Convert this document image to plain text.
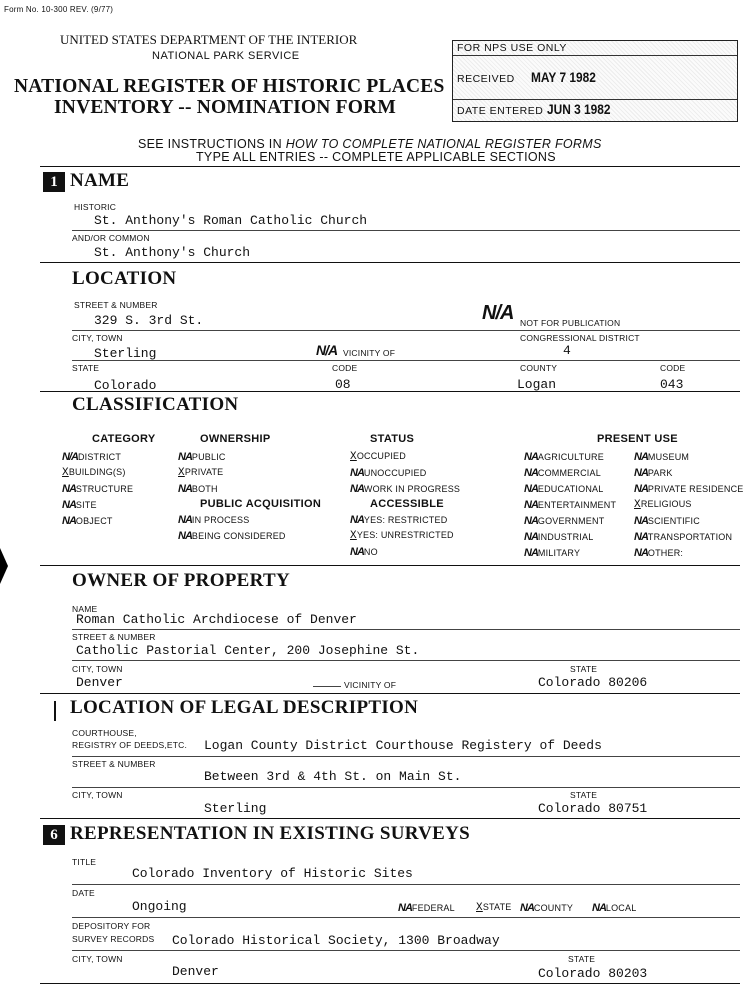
Form No. 10-300 REV. (9/77)
UNITED STATES DEPARTMENT OF THE INTERIOR
NATIONAL PARK SERVICE
NATIONAL REGISTER OF HISTORIC PLACES
INVENTORY -- NOMINATION FORM
FOR NPS USE ONLY
RECEIVED MAY 7 1982
DATE ENTERED JUN 3 1982
SEE INSTRUCTIONS IN HOW TO COMPLETE NATIONAL REGISTER FORMS
TYPE ALL ENTRIES -- COMPLETE APPLICABLE SECTIONS
1 NAME
HISTORIC
St. Anthony's Roman Catholic Church
AND/OR COMMON
St. Anthony's Church
LOCATION
STREET & NUMBER
329 S. 3rd St.	N/A NOT FOR PUBLICATION
CITY, TOWN
Sterling	N/A VICINITY OF
CONGRESSIONAL DISTRICT
4
STATE
Colorado
CODE
08
COUNTY
Logan
CODE
043
CLASSIFICATION
CATEGORY
N/ADISTRICT
XBUILDING(S)
NASTRUCTURE
NASITE
NAOBJECT
OWNERSHIP
NAPUBLIC
XPRIVATE
NABOTH
PUBLIC ACQUISITION
NAIN PROCESS
NABEING CONSIDERED
STATUS
XOCCUPIED
NAUNOCCUPIED
NAWORK IN PROGRESS
ACCESSIBLE
NAYES: RESTRICTED
XYES: UNRESTRICTED
NANO
PRESENT USE
NAAGRICULTURE
NACOMMERCIAL
NAEDUCATIONAL
NAENTERTAINMENT
NAGOVERNMENT
NAINDUSTRIAL
NAMILITARY
NAMUSEUM
NAPARK
NAPRIVATE RESIDENCE
XRELIGIOUS
NASCIENTIFIC
NATRANSPORTATION
NAOTHER:
OWNER OF PROPERTY
NAME
Roman Catholic Archdiocese of Denver
STREET & NUMBER
Catholic Pastorial Center, 200 Josephine St.
CITY, TOWN
Denver	VICINITY OF
STATE
Colorado 80206
LOCATION OF LEGAL DESCRIPTION
COURTHOUSE,
REGISTRY OF DEEDS,ETC. Logan County District Courthouse Registery of Deeds
STREET & NUMBER
Between 3rd & 4th St. on Main St.
CITY, TOWN
Sterling
STATE
Colorado 80751
6 REPRESENTATION IN EXISTING SURVEYS
TITLE
Colorado Inventory of Historic Sites
DATE
Ongoing	NAFEDERAL XSTATE NACOUNTY NALOCAL
DEPOSITORY FOR
SURVEY RECORDS Colorado Historical Society, 1300 Broadway
CITY, TOWN
Denver
STATE
Colorado 80203
